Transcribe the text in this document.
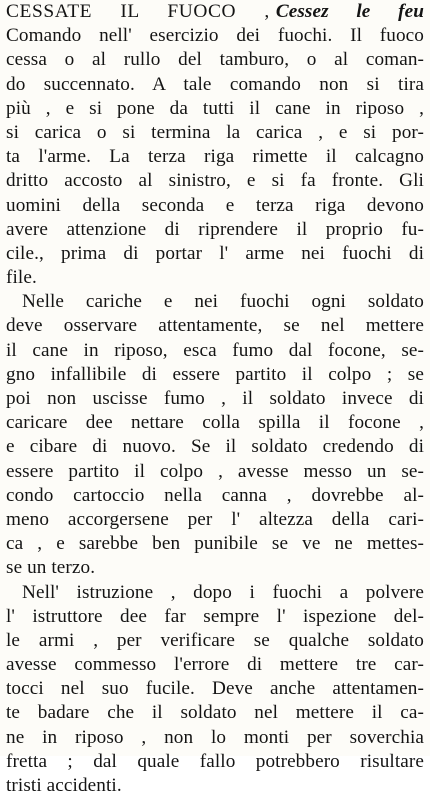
CESSATE IL FUOCO , Cessez le feu
Comando nell' esercizio dei fuochi. Il fuoco
cessa o al rullo del tamburo, o al coman-
do succennato. A tale comando non si tira
più , e si pone da tutti il cane in riposo ,
si carica o si termina la carica , e si por-
ta l'arme. La terza riga rimette il calcagno
dritto accosto al sinistro, e si fa fronte. Gli
uomini della seconda e terza riga devono
avere attenzione di riprendere il proprio fu-
cile., prima di portar l' arme nei fuochi di
file.
Nelle cariche e nei fuochi ogni soldato
deve osservare attentamente, se nel mettere
il cane in riposo, esca fumo dal focone, se-
gno infallibile di essere partito il colpo ; se
poi non uscisse fumo , il soldato invece di
caricare dee nettare colla spilla il focone ,
e cibare di nuovo. Se il soldato credendo di
essere partito il colpo , avesse messo un se-
condo cartoccio nella canna , dovrebbe al-
meno accorgersene per l' altezza della cari-
ca , e sarebbe ben punibile se ve ne mettes-
se un terzo.
Nell' istruzione , dopo i fuochi a polvere
l' istruttore dee far sempre l' ispezione del-
le armi , per verificare se qualche soldato
avesse commesso l'errore di mettere tre car-
tocci nel suo fucile. Deve anche attentamen-
te badare che il soldato nel mettere il ca-
ne in riposo , non lo monti per soverchia
fretta ; dal quale fallo potrebbero risultare
tristi accidenti.
